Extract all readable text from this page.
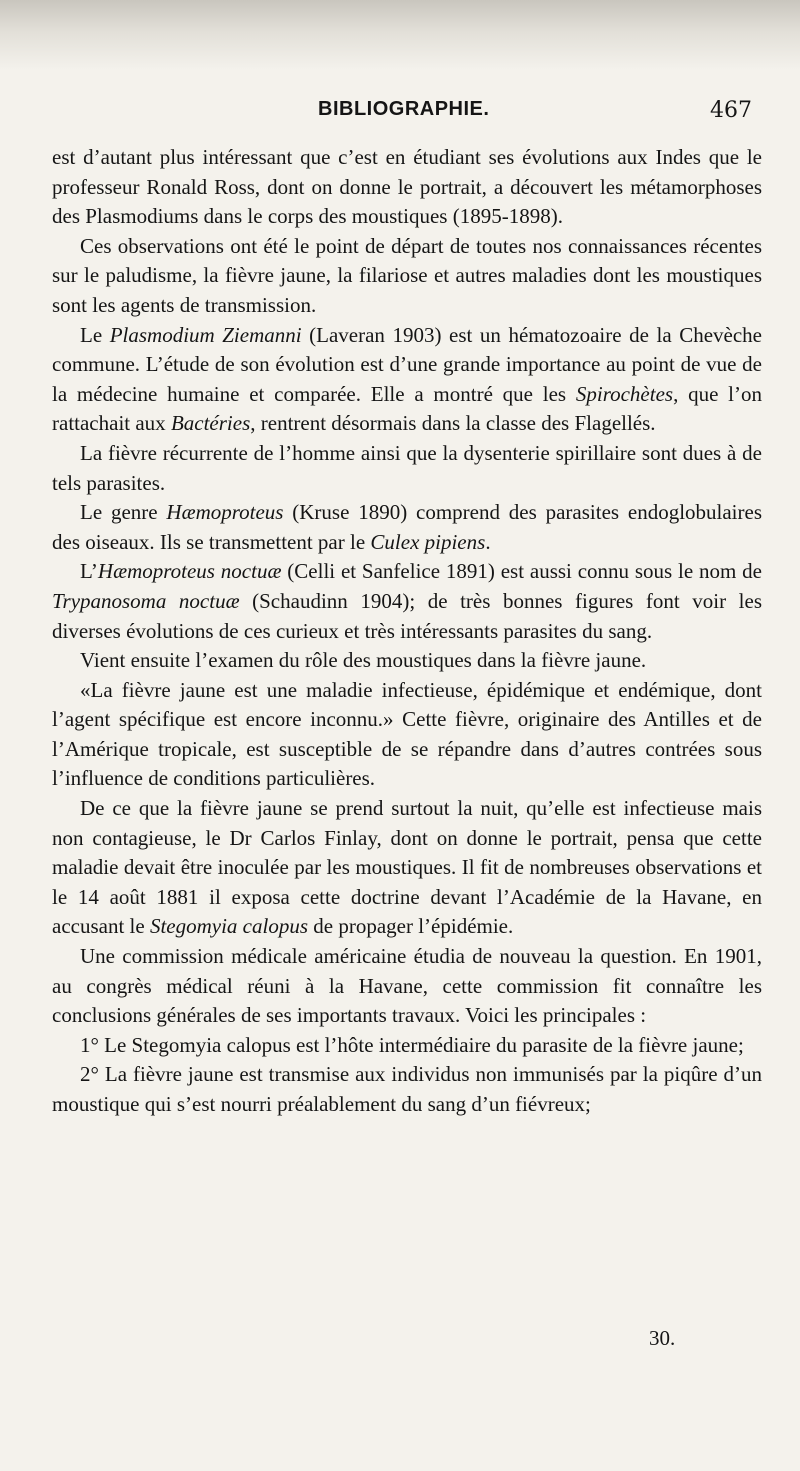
BIBLIOGRAPHIE.	467

est d’autant plus intéressant que c’est en étudiant ses évolutions aux Indes que le professeur Ronald Ross, dont on donne le portrait, a découvert les métamorphoses des Plasmodiums dans le corps des moustiques (1895-1898).

Ces observations ont été le point de départ de toutes nos connaissances récentes sur le paludisme, la fièvre jaune, la filariose et autres maladies dont les moustiques sont les agents de transmission.

Le Plasmodium Ziemanni (Laveran 1903) est un hématozoaire de la Chevèche commune. L’étude de son évolution est d’une grande importance au point de vue de la médecine humaine et comparée. Elle a montré que les Spirochètes, que l’on rattachait aux Bactéries, rentrent désormais dans la classe des Flagellés.

La fièvre récurrente de l’homme ainsi que la dysenterie spirillaire sont dues à de tels parasites.

Le genre Hæmoproteus (Kruse 1890) comprend des parasites endoglobulaires des oiseaux. Ils se transmettent par le Culex pipiens.

L’Hæmoproteus noctuæ (Celli et Sanfelice 1891) est aussi connu sous le nom de Trypanosoma noctuæ (Schaudinn 1904); de très bonnes figures font voir les diverses évolutions de ces curieux et très intéressants parasites du sang.

Vient ensuite l’examen du rôle des moustiques dans la fièvre jaune.

«La fièvre jaune est une maladie infectieuse, épidémique et endémique, dont l’agent spécifique est encore inconnu.» Cette fièvre, originaire des Antilles et de l’Amérique tropicale, est susceptible de se répandre dans d’autres contrées sous l’influence de conditions particulières.

De ce que la fièvre jaune se prend surtout la nuit, qu’elle est infectieuse mais non contagieuse, le Dr Carlos Finlay, dont on donne le portrait, pensa que cette maladie devait être inoculée par les moustiques. Il fit de nombreuses observations et le 14 août 1881 il exposa cette doctrine devant l’Académie de la Havane, en accusant le Stegomyia calopus de propager l’épidémie.

Une commission médicale américaine étudia de nouveau la question. En 1901, au congrès médical réuni à la Havane, cette commission fit connaître les conclusions générales de ses importants travaux. Voici les principales :

1° Le Stegomyia calopus est l’hôte intermédiaire du parasite de la fièvre jaune;

2° La fièvre jaune est transmise aux individus non immunisés par la piqûre d’un moustique qui s’est nourri préalablement du sang d’un fiévreux;

30.
